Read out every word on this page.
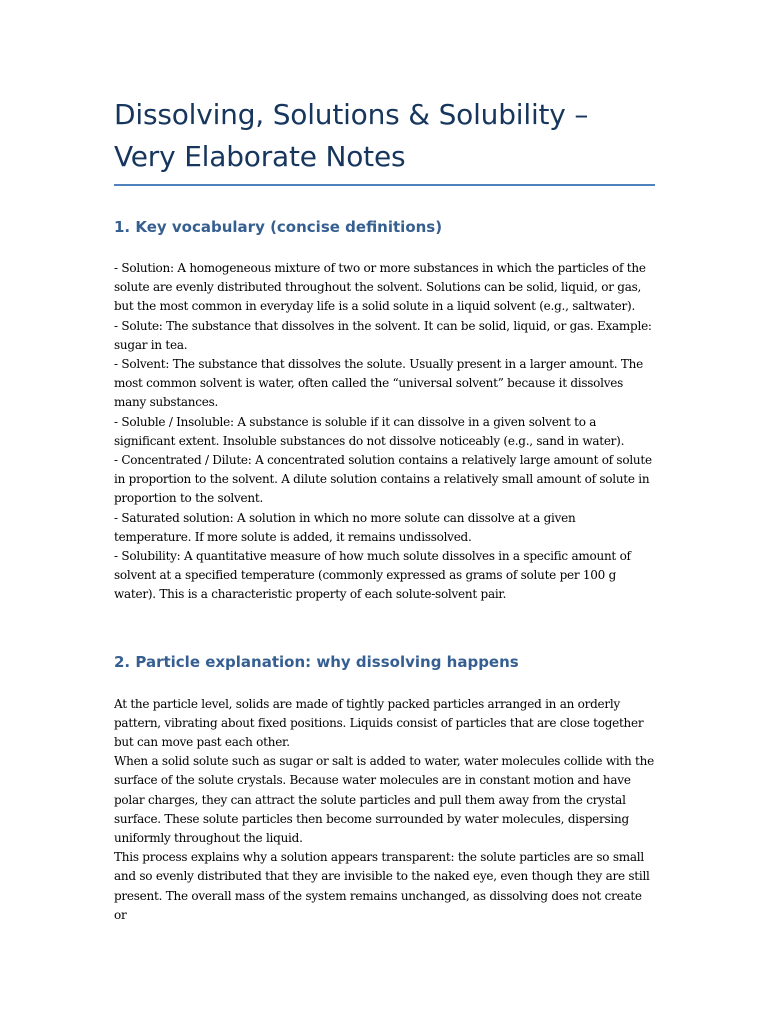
Dissolving, Solutions & Solubility – Very Elaborate Notes
1. Key vocabulary (concise definitions)

- Solution: A homogeneous mixture of two or more substances in which the particles of the solute are evenly distributed throughout the solvent. Solutions can be solid, liquid, or gas, but the most common in everyday life is a solid solute in a liquid solvent (e.g., saltwater).

- Solute: The substance that dissolves in the solvent. It can be solid, liquid, or gas. Example: sugar in tea.

- Solvent: The substance that dissolves the solute. Usually present in a larger amount. The most common solvent is water, often called the “universal solvent” because it dissolves many substances.

- Soluble / Insoluble: A substance is soluble if it can dissolve in a given solvent to a significant extent. Insoluble substances do not dissolve noticeably (e.g., sand in water).

- Concentrated / Dilute: A concentrated solution contains a relatively large amount of solute in proportion to the solvent. A dilute solution contains a relatively small amount of solute in proportion to the solvent.

- Saturated solution: A solution in which no more solute can dissolve at a given temperature. If more solute is added, it remains undissolved.

- Solubility: A quantitative measure of how much solute dissolves in a specific amount of solvent at a specified temperature (commonly expressed as grams of solute per 100 g water). This is a characteristic property of each solute-solvent pair.

2. Particle explanation: why dissolving happens

At the particle level, solids are made of tightly packed particles arranged in an orderly pattern, vibrating about fixed positions. Liquids consist of particles that are close together but can move past each other.

When a solid solute such as sugar or salt is added to water, water molecules collide with the surface of the solute crystals. Because water molecules are in constant motion and have polar charges, they can attract the solute particles and pull them away from the crystal surface. These solute particles then become surrounded by water molecules, dispersing uniformly throughout the liquid.

This process explains why a solution appears transparent: the solute particles are so small and so evenly distributed that they are invisible to the naked eye, even though they are still present. The overall mass of the system remains unchanged, as dissolving does not create or
